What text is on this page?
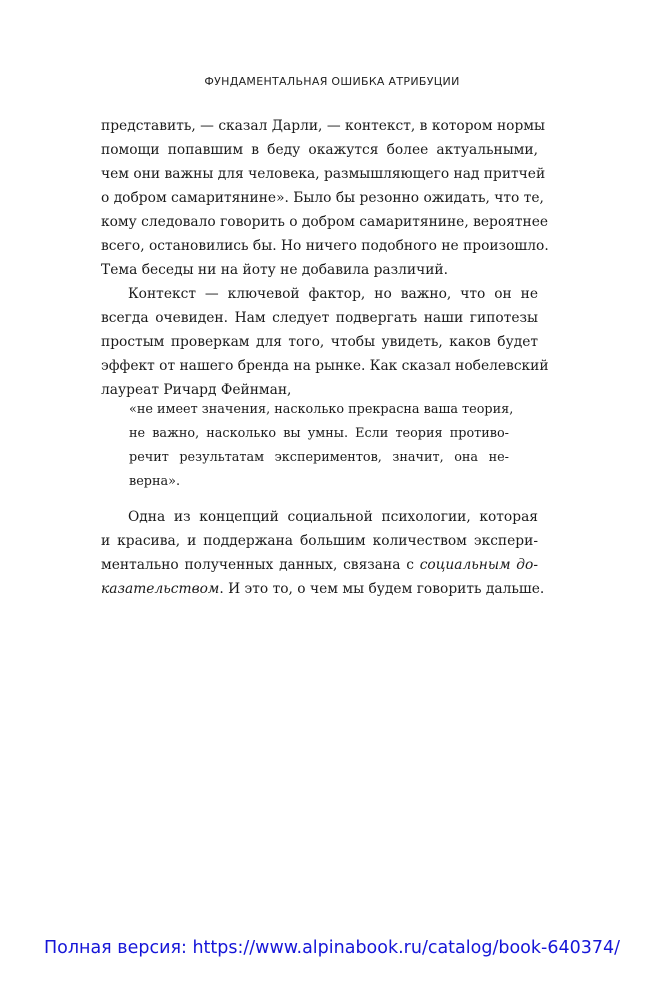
ФУНДАМЕНТАЛЬНАЯ ОШИБКА АТРИБУЦИИ
представить, — сказал Дарли, — контекст, в котором нормы
помощи попавшим в беду окажутся более актуальными,
чем они важны для человека, размышляющего над притчей
о добром самаритянине». Было бы резонно ожидать, что те,
кому следовало говорить о добром самаритянине, вероятнее
всего, остановились бы. Но ничего подобного не произошло.
Тема беседы ни на йоту не добавила различий.
Контекст — ключевой фактор, но важно, что он не
всегда очевиден. Нам следует подвергать наши гипотезы
простым проверкам для того, чтобы увидеть, каков будет
эффект от нашего бренда на рынке. Как сказал нобелевский
лауреат Ричард Фейнман,
«не имеет значения, насколько прекрасна ваша теория,
не важно, насколько вы умны. Если теория противо-
речит результатам экспериментов, значит, она не-
верна».
Одна из концепций социальной психологии, которая
и красива, и поддержана большим количеством экспери-
ментально полученных данных, связана с социальным до-
казательством. И это то, о чем мы будем говорить дальше.
Полная версия: https://www.alpinabook.ru/catalog/book-640374/
